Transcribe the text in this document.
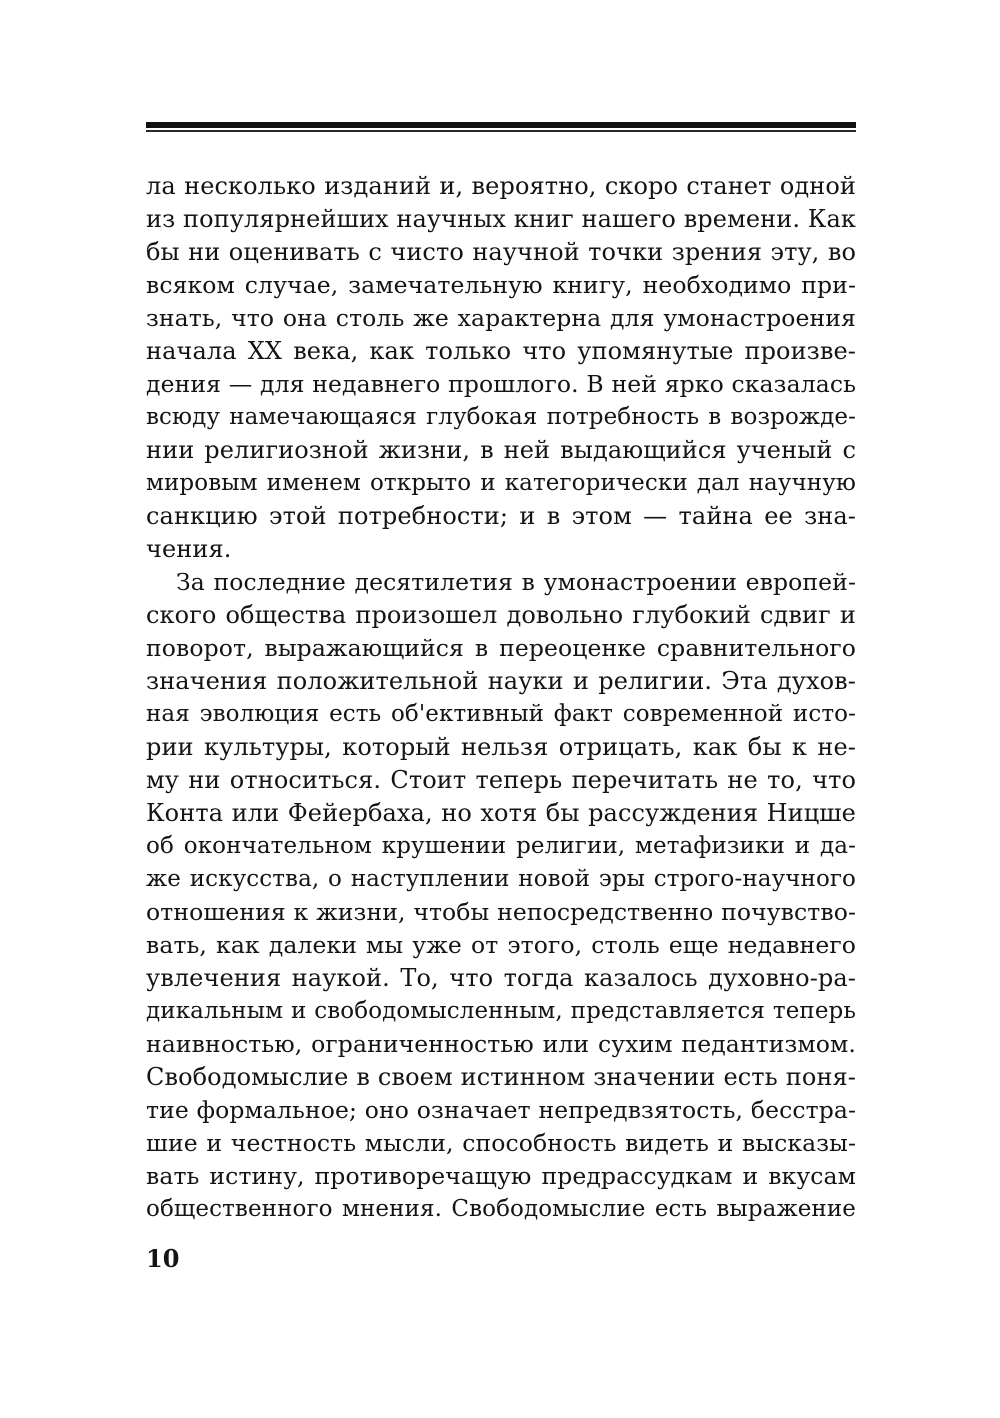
ла несколько изданий и, вероятно, скоро станет одной
из популярнейших научных книг нашего времени. Как
бы ни оценивать с чисто научной точки зрения эту, во
всяком случае, замечательную книгу, необходимо при-
знать, что она столь же характерна для умонастроения
начала XX века, как только что упомянутые произве-
дения — для недавнего прошлого. В ней ярко сказалась
всюду намечающаяся глубокая потребность в возрожде-
нии религиозной жизни, в ней выдающийся ученый с
мировым именем открыто и категорически дал научную
санкцию этой потребности; и в этом — тайна ее зна-
чения.
За последние десятилетия в умонастроении европей-
ского общества произошел довольно глубокий сдвиг и
поворот, выражающийся в переоценке сравнительного
значения положительной науки и религии. Эта духов-
ная эволюция есть об'ективный факт современной исто-
рии культуры, который нельзя отрицать, как бы к не-
му ни относиться. Стоит теперь перечитать не то, что
Конта или Фейербаха, но хотя бы рассуждения Ницше
об окончательном крушении религии, метафизики и да-
же искусства, о наступлении новой эры строго-научного
отношения к жизни, чтобы непосредственно почувство-
вать, как далеки мы уже от этого, столь еще недавнего
увлечения наукой. То, что тогда казалось духовно-ра-
дикальным и свободомысленным, представляется теперь
наивностью, ограниченностью или сухим педантизмом.
Свободомыслие в своем истинном значении есть поня-
тие формальное; оно означает непредвзятость, бесстра-
шие и честность мысли, способность видеть и высказы-
вать истину, противоречащую предрассудкам и вкусам
общественного мнения. Свободомыслие есть выражение
10
